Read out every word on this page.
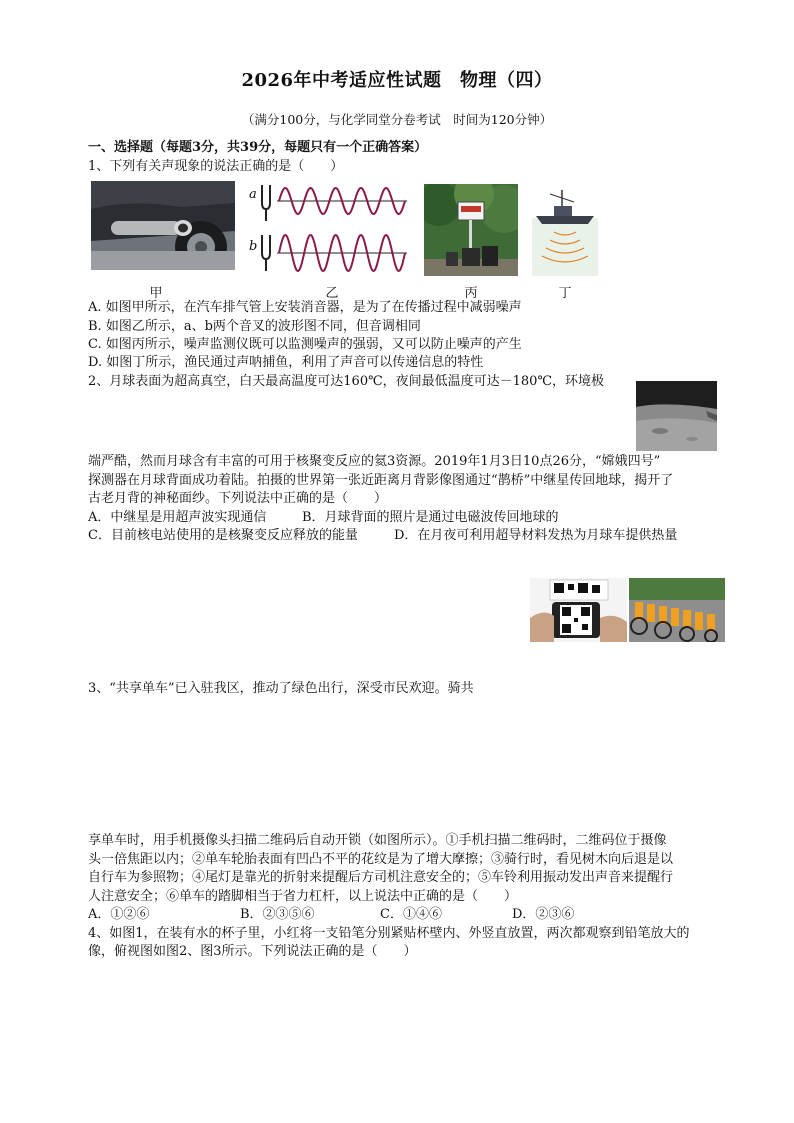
2026年中考适应性试题　物理（四）
（满分100分，与化学同堂分卷考试　时间为120分钟）
一、选择题（每题3分，共39分，每题只有一个正确答案）
1、下列有关声现象的说法正确的是（　　）
a
b
甲	乙	丙	丁
A. 如图甲所示，在汽车排气管上安装消音器，是为了在传播过程中减弱噪声
B. 如图乙所示，a、b两个音叉的波形图不同，但音调相同
C. 如图丙所示，噪声监测仪既可以监测噪声的强弱，又可以防止噪声的产生
D. 如图丁所示，渔民通过声呐捕鱼，利用了声音可以传递信息的特性
2、月球表面为超高真空，白天最高温度可达160℃，夜间最低温度可达－180℃，环境极
端严酷，然而月球含有丰富的可用于核聚变反应的氦3资源。2019年1月3日10点26分，“嫦娥四号”
探测器在月球背面成功着陆。拍摄的世界第一张近距离月背影像图通过“鹊桥”中继星传回地球，揭开了
古老月背的神秘面纱。下列说法中正确的是（　　）
A．中继星是用超声波实现通信	B．月球背面的照片是通过电磁波传回地球的
C．目前核电站使用的是核聚变反应释放的能量	D．在月夜可利用超导材料发热为月球车提供热量
3、“共享单车”已入驻我区，推动了绿色出行，深受市民欢迎。骑共
享单车时，用手机摄像头扫描二维码后自动开锁（如图所示）。①手机扫描二维码时，二维码位于摄像
头一倍焦距以内；②单车轮胎表面有凹凸不平的花纹是为了增大摩擦；③骑行时，看见树木向后退是以
自行车为参照物；④尾灯是靠光的折射来提醒后方司机注意安全的；⑤车铃利用振动发出声音来提醒行
人注意安全；⑥单车的踏脚相当于省力杠杆，以上说法中正确的是（　　）
A．①②⑥	B．②③⑤⑥	C．①④⑥	D．②③⑥
4、如图1，在装有水的杯子里，小红将一支铅笔分别紧贴杯壁内、外竖直放置，两次都观察到铅笔放大的
像，俯视图如图2、图3所示。下列说法正确的是（　　）
